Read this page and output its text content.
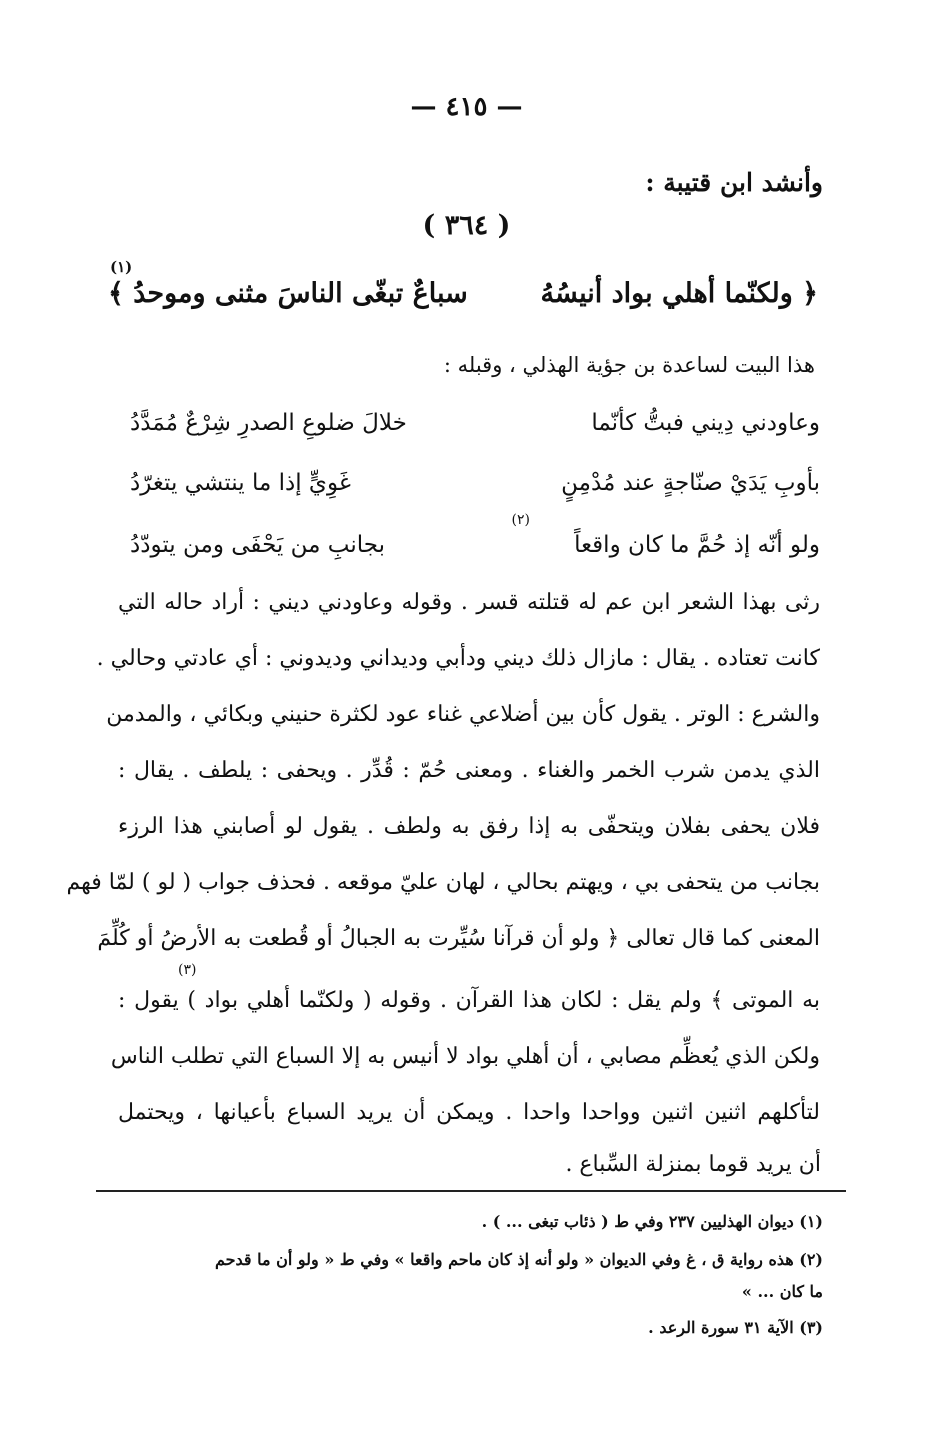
— ٤١٥ —
وأنشد ابن قتيبة :
( ٣٦٤ )
﴿ ولكنّما أهلي بواد أنيسُهُ
سباعٌ تبغّى الناسَ مثنى وموحدُ ﴾
(١)
هذا البيت لساعدة بن جؤية الهذلي ، وقبله :
وعاودني دِيني فبتُّ كأنّما
خلالَ ضلوعِ الصدرِ شِرْعٌ مُمَدَّدُ
بأوبِ يَدَيْ صنّاجةٍ عند مُدْمِنٍ
غَوِيٍّ إذا ما ينتشي يتغرّدُ
ولو أنّه إذ حُمَّ ما كان واقعاً
بجانبِ من يَحْفَى ومن يتودّدُ
(٢)
رثى بهذا الشعر ابن عم له قتلته قسر . وقوله وعاودني ديني : أراد حاله التي
كانت تعتاده . يقال : مازال ذلك ديني ودأبي وديداني وديدوني : أي عادتي وحالي .
والشرع : الوتر . يقول كأن بين أضلاعي غناء عود لكثرة حنيني وبكائي ، والمدمن
الذي يدمن شرب الخمر والغناء . ومعنى حُمّ : قُدِّر . ويحفى : يلطف . يقال :
فلان يحفى بفلان ويتحفّى به إذا رفق به ولطف . يقول لو أصابني هذا الرزء
بجانب من يتحفى بي ، ويهتم بحالي ، لهان عليّ موقعه . فحذف جواب ( لو ) لمّا فهم
المعنى كما قال تعالى ﴿ ولو أن قرآنا سُيِّرت به الجبالُ أو قُطعت به الأرضُ أو كُلِّمَ
به الموتى ﴾ ولم يقل : لكان هذا القرآن . وقوله ( ولكنّما أهلي بواد ) يقول :
(٣)
ولكن الذي يُعظِّم مصابي ، أن أهلي بواد لا أنيس به إلا السباع التي تطلب الناس
لتأكلهم اثنين اثنين وواحدا واحدا . ويمكن أن يريد السباع بأعيانها ، ويحتمل
أن يريد قوما بمنزلة السِّباع .
(١) ديوان الهذليين ٢٣٧ وفي ط ( ذئاب تبغى ... ) .
(٢) هذه رواية ق ، غ وفي الديوان « ولو أنه إذ كان ماحم واقعا » وفي ط « ولو أن ما قدحم
ما كان ... »
(٣) الآية ٣١ سورة الرعد .
